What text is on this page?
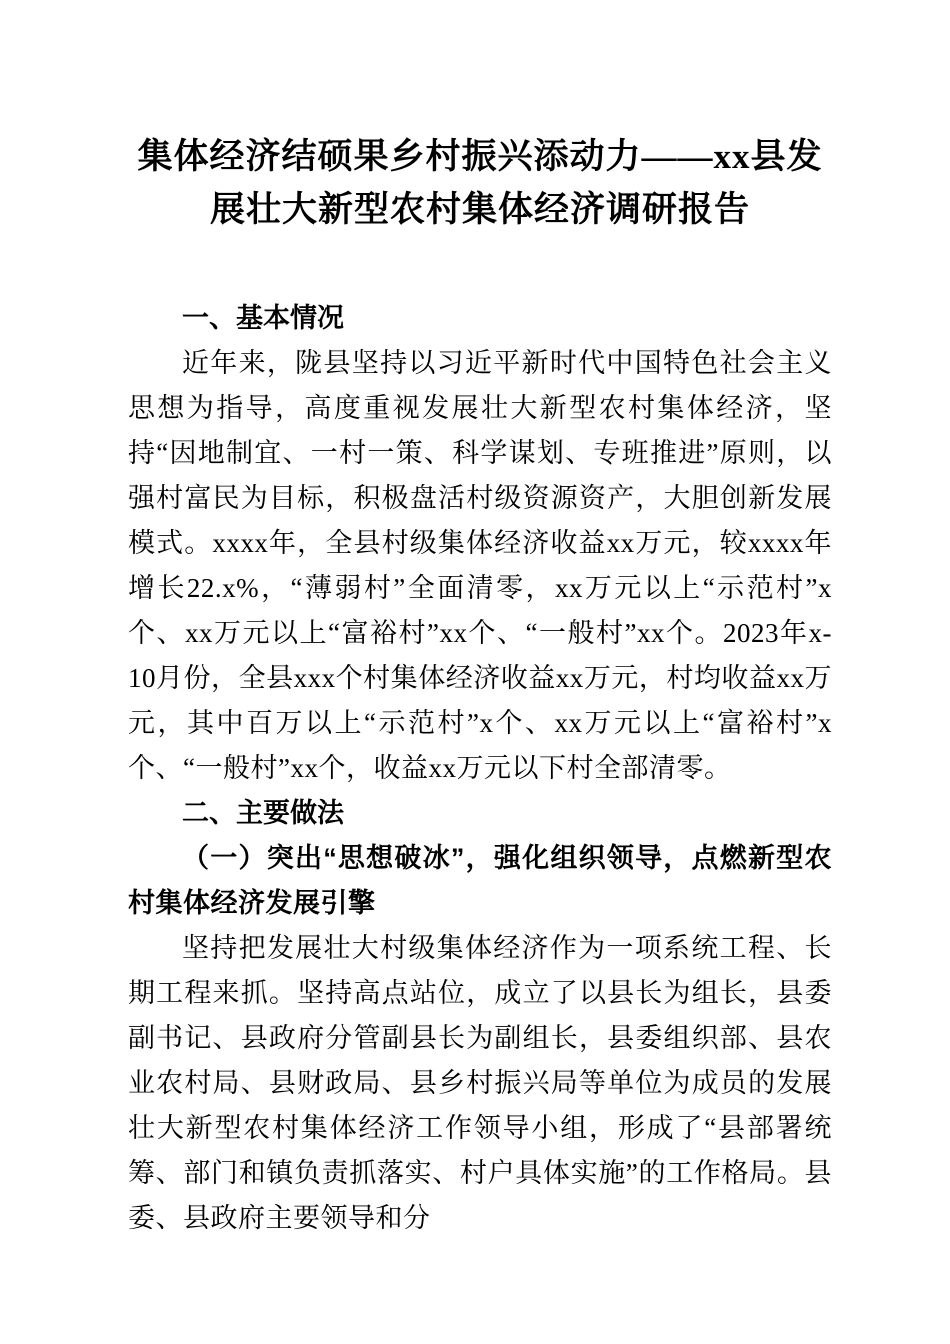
集体经济结硕果乡村振兴添动力——xx县发展壮大新型农村集体经济调研报告
一、基本情况

近年来，陇县坚持以习近平新时代中国特色社会主义思想为指导，高度重视发展壮大新型农村集体经济，坚持“因地制宜、一村一策、科学谋划、专班推进”原则，以强村富民为目标，积极盘活村级资源资产，大胆创新发展模式。xxxx年，全县村级集体经济收益xx万元，较xxxx年增长22.x%，“薄弱村”全面清零，xx万元以上“示范村”x个、xx万元以上“富裕村”xx个、“一般村”xx个。2023年x-10月份，全县xxx个村集体经济收益xx万元，村均收益xx万元，其中百万以上“示范村”x个、xx万元以上“富裕村”x个、“一般村”xx个，收益xx万元以下村全部清零。

二、主要做法

（一）突出“思想破冰”，强化组织领导，点燃新型农村集体经济发展引擎

坚持把发展壮大村级集体经济作为一项系统工程、长期工程来抓。坚持高点站位，成立了以县长为组长，县委副书记、县政府分管副县长为副组长，县委组织部、县农业农村局、县财政局、县乡村振兴局等单位为成员的发展壮大新型农村集体经济工作领导小组，形成了“县部署统筹、部门和镇负责抓落实、村户具体实施”的工作格局。县委、县政府主要领导和分
